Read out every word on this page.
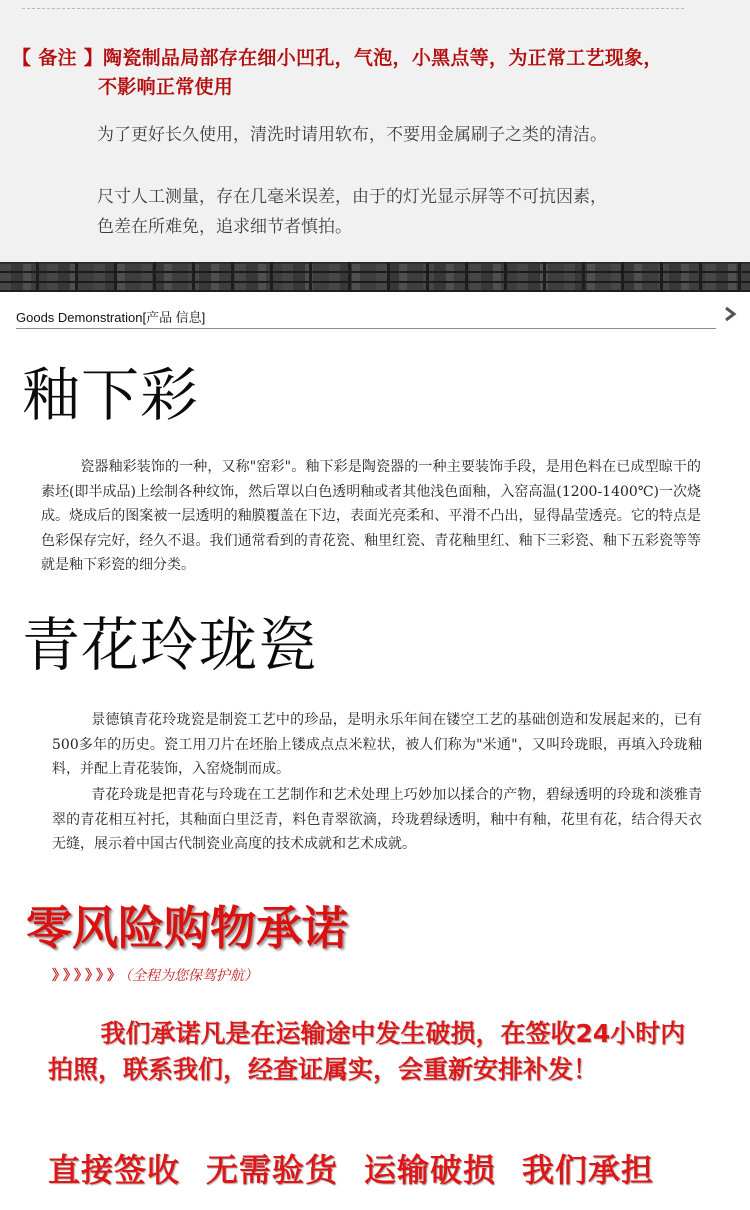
【 备注 】陶瓷制品局部存在细小凹孔，气泡，小黑点等，为正常工艺现象，
不影响正常使用
为了更好长久使用，清洗时请用软布，不要用金属刷子之类的清洁。
尺寸人工测量，存在几毫米误差，由于的灯光显示屏等不可抗因素，
色差在所难免，追求细节者慎拍。
Goods Demonstration[产品 信息]
釉下彩

瓷器釉彩装饰的一种，又称"窑彩"。釉下彩是陶瓷器的一种主要装饰手段，是用色料在已成型晾干的素坯(即半成品)上绘制各种纹饰，然后罩以白色透明釉或者其他浅色面釉，入窑高温(1200-1400℃)一次烧成。烧成后的图案被一层透明的釉膜覆盖在下边，表面光亮柔和、平滑不凸出，显得晶莹透亮。它的特点是色彩保存完好，经久不退。我们通常看到的青花瓷、釉里红瓷、青花釉里红、釉下三彩瓷、釉下五彩瓷等等就是釉下彩瓷的细分类。

青花玲珑瓷

景德镇青花玲珑瓷是制瓷工艺中的珍品，是明永乐年间在镂空工艺的基础创造和发展起来的，已有500多年的历史。瓷工用刀片在坯胎上镂成点点米粒状，被人们称为"米通"，又叫玲珑眼，再填入玲珑釉料，并配上青花装饰，入窑烧制而成。

青花玲珑是把青花与玲珑在工艺制作和艺术处理上巧妙加以揉合的产物，碧绿透明的玲珑和淡雅青翠的青花相互衬托，其釉面白里泛青，料色青翠欲滴，玲珑碧绿透明，釉中有釉，花里有花，结合得天衣无缝，展示着中国古代制瓷业高度的技术成就和艺术成就。

零风险购物承诺
》》》》》》（全程为您保驾护航）
我们承诺凡是在运输途中发生破损，在签收24小时内拍照，联系我们，经查证属实，会重新安排补发！
直接签收 无需验货 运输破损 我们承担
